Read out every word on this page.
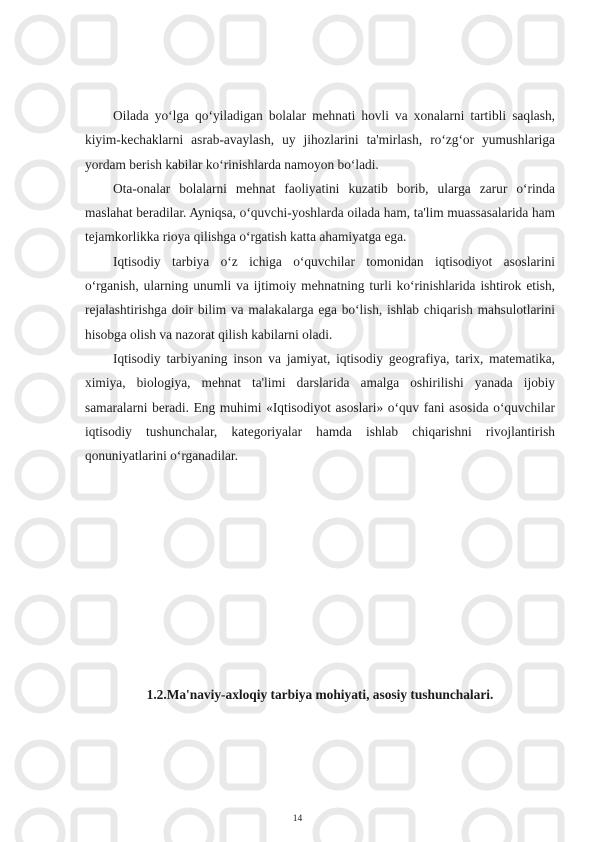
Oilada yo‘lga qo‘yiladigan bolalar mehnati hovli va xonalarni tartibli saqlash, kiyim-kechaklarni asrab-avaylash, uy jihozlarini ta'mirlash, ro‘zg‘or yumushlariga yordam berish kabilar ko‘rinishlarda namoyon bo‘ladi.

Ota-onalar bolalarni mehnat faoliyatini kuzatib borib, ularga zarur o‘rinda maslahat beradilar. Ayniqsa, o‘quvchi-yoshlarda oilada ham, ta'lim muassasalarida ham tejamkorlikka rioya qilishga o‘rgatish katta ahamiyatga ega.

Iqtisodiy tarbiya o‘z ichiga o‘quvchilar tomonidan iqtisodiyot asoslarini o‘rganish, ularning unumli va ijtimoiy mehnatning turli ko‘rinishlarida ishtirok etish, rejalashtirishga doir bilim va malakalarga ega bo‘lish, ishlab chiqarish mahsulotlarini hisobga olish va nazorat qilish kabilarni oladi.

Iqtisodiy tarbiyaning inson va jamiyat, iqtisodiy geografiya, tarix, matematika, ximiya, biologiya, mehnat ta'limi darslarida amalga oshirilishi yanada ijobiy samaralarni beradi. Eng muhimi «Iqtisodiyot asoslari» o‘quv fani asosida o‘quvchilar iqtisodiy tushunchalar, kategoriyalar hamda ishlab chiqarishni rivojlantirish qonuniyatlarini o‘rganadilar.

1.2.Ma'naviy-axloqiy tarbiya mohiyati, asosiy tushunchalari.

14
